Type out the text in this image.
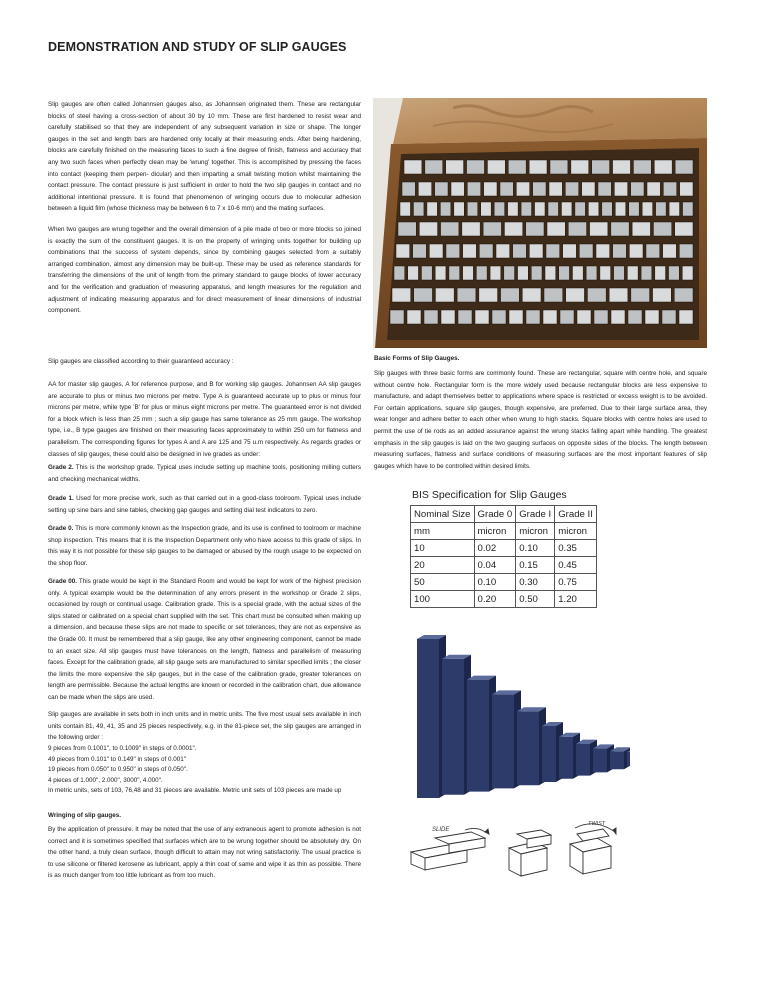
DEMONSTRATION AND STUDY OF SLIP GAUGES

Slip gauges are often called Johannsen gauges also, as Johannsen originated them. These are rectangular blocks of steel having a cross-section of about 30 by 10 mm. These are first hardened to resist wear and carefully stabilised so that they are independent of any subsequent variation in size or shape. The longer gauges in the set and length bars are hardened only locally at their measuring ends. After being hardening, blocks are carefully finished on the measuring faces to such a fine degree of finish, flatness and accuracy that any two such faces when perfectly clean may be 'wrung' together. This is accomplished by pressing the faces into contact (keeping them perpen- dicular) and then imparting a small twisting motion whilst maintaining the contact pressure. The contact pressure is just sufficient in order to hold the two slip gauges in contact and no additional intentional pressure. It is found that phenomenon of wringing occurs due to molecular adhesion between a liquid film (whose thickness may be between 6 to 7 x 10-6 mm) and the mating surfaces.

When two gauges are wrung together and the overall dimension of a pile made of two or more blocks so joined is exactly the sum of the constituent gauges. It is on the property of wringing units together for building up combinations that the success of system depends, since by combining gauges selected from a suitably arranged combination, almost any dimension may be built-up. These may be used as reference standards for transferring the dimensions of the unit of length from the primary standard to gauge blocks of lower accuracy and for the verification and graduation of measuring apparatus, and length measures for the regulation and adjustment of indicating measuring apparatus and for direct measurement of linear dimensions of industrial component.

Slip gauges are classified according to their guaranteed accuracy :

AA for master slip gauges, A for reference purpose, and B for working slip gauges. Johannsen AA slip gauges are accurate to plus or minus two microns per metre. Type A is guaranteed accurate up to plus or minus four microns per metre, while type 'B' for plus or minus eight microns per metre. The guaranteed error is not divided for a block which is less than 25 mm ; such a slip gauge has same tolerance as 25 mm gauge. The workshop type, i.e., B type gauges are finished on their measuring faces approximately to within 250 um for flatness and parallelism. The corresponding figures for types A and A are 125 and 75 u.m respectively. As regards grades or classes of slip gauges, these could also be designed in ive grades as under:

Grade 2. This is the workshop grade. Typical uses include setting up machine tools, positioning milling cutters and checking mechanical widths.

Grade 1. Used for more precise work, such as that carried out in a good-class toolroom. Typical uses include setting up sine bars and sine tables, checking gap gauges and setting dial test indicators to zero.

Grade 0. This is more commonly known as the Inspection grade, and its use is confined to toolroom or machine shop inspection. This means that it is the Inspection Department only who have access to this grade of slips. In this way it is not possible for these slip gauges to be damaged or abused by the rough usage to be expected on the shop floor.

Grade 00. This grade would be kept in the Standard Room and would be kept for work of the highest precision only. A typical example would be the determination of any errors present in the workshop or Grade 2 slips, occasioned by rough or continual usage. Calibration grade. This is a special grade, with the actual sizes of the slips stated or calibrated on a special chart supplied with the set. This chart must be consulted when making up a dimension, and because these slips are not made to specific or set tolerances, they are not as expensive as the Grade 00. It must be remembered that a slip gauge, like any other engineering component, cannot be made to an exact size. All slip gauges must have tolerances on the length, flatness and parallelism of measuring faces. Except for the calibration grade, all slip gauge sets are manufactured to similar specified limits ; the closer the limits the more expensive the slip gauges, but in the case of the calibration grade, greater tolerances on length are permissible. Because the actual lengths are known or recorded in the calibration chart, due allowance can be made when the slips are used.

Slip gauges are available in sets both in inch units and in metric units. The five most usual sets available in inch units contain 81, 49, 41, 35 and 25 pieces respectively, e.g. in the 81-piece set, the slip gauges are arranged in the following order :

9 pieces from 0.1001", to 0.1009" in steps of 0.0001".
49 pieces from 0.101" to 0.149" in steps of 0.001"
19 pieces from 0.050" to 0.950" in steps of 0.050".
4 pieces of 1.000", 2.000", 3000", 4.000".
In metric units, sets of 103, 76,48 and 31 pieces are available. Metric unit sets of 103 pieces are made up

Wringing of slip gauges.

By the application of pressure. It may be noted that the use of any extraneous agent to promote adhesion is not correct and it is sometimes specified that surfaces which are to be wrung together should be absolutely dry. On the other hand, a truly clean surface, though difficult to attain may not wring satisfactorily. The usual practice is to use silicone or filtered kerosene as lubricant, apply a thin coat of same and wipe it as thin as possible. There is as much danger from too little lubricant as from too much.

Basic Forms of Slip Gauges.

Slip gauges with three basic forms are commonly found. These are rectangular, square with centre hole, and square without centre hole. Rectangular form is the more widely used because rectangular blocks are less expensive to manufacture, and adapt themselves better to applications where space is restricted or excess weight is to be avoided. For certain applications, square slip gauges, though expensive, are preferred. Due to their large surface area, they wear longer and adhere better to each other when wrung to high stacks. Square blocks with centre holes are used to permit the use of tie rods as an added assurance against the wrung stacks falling apart while handling. The greatest emphasis in the slip gauges is laid on the two gauging surfaces on opposite sides of the blocks. The length between measuring surfaces, flatness and surface conditions of measuring surfaces are the most important features of slip gauges which have to be controlled within desired limits.

BIS Specification for Slip Gauges
Nominal Size	Grade 0	Grade I	Grade II
mm	micron	micron	micron
10	0.02	0.10	0.35
20	0.04	0.15	0.45
50	0.10	0.30	0.75
100	0.20	0.50	1.20
SLIDE
TWIST
